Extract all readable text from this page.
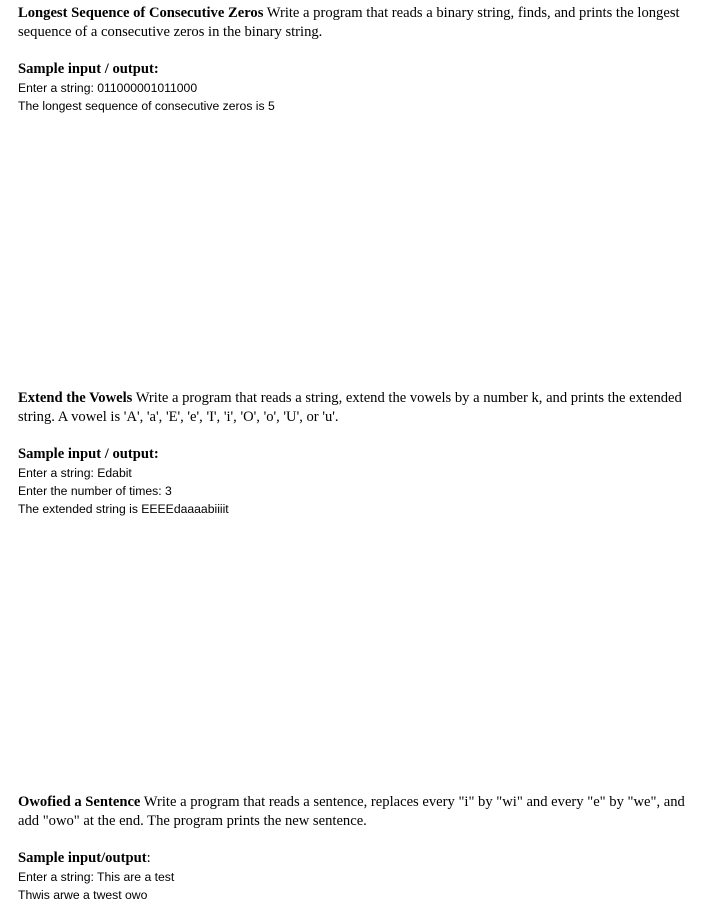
Longest Sequence of Consecutive Zeros Write a program that reads a binary string, finds, and prints the longest sequence of a consecutive zeros in the binary string.

Sample input / output:

Enter a string: 011000001011000

The longest sequence of consecutive zeros is 5

Extend the Vowels Write a program that reads a string, extend the vowels by a number k, and prints the extended string. A vowel is 'A', 'a', 'E', 'e', 'I', 'i', 'O', 'o', 'U', or 'u'.

Sample input / output:

Enter a string: Edabit

Enter the number of times: 3

The extended string is EEEEdaaaabiiiit

Owofied a Sentence Write a program that reads a sentence, replaces every "i" by "wi" and every "e" by "we", and add "owo" at the end. The program prints the new sentence.

Sample input/output:

Enter a string: This are a test

Thwis arwe a twest owo
